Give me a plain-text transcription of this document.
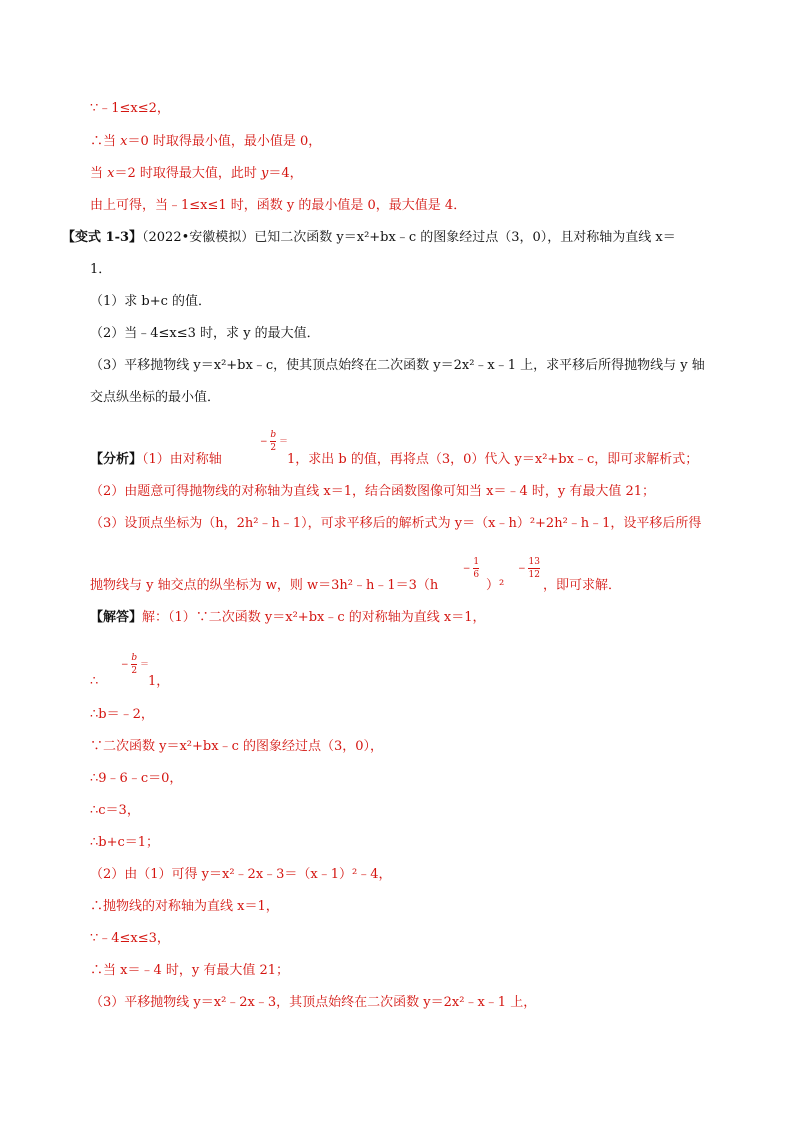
∵﹣1≤x≤2，
∴当 x＝0 时取得最小值，最小值是 0，
当 x＝2 时取得最大值，此时 y＝4，
由上可得，当﹣1≤x≤1 时，函数 y 的最小值是 0，最大值是 4．
【变式 1-3】（2022•安徽模拟）已知二次函数 y＝x²+bx﹣c 的图象经过点（3，0），且对称轴为直线 x＝
1．
（1）求 b+c 的值．
（2）当﹣4≤x≤3 时，求 y 的最大值．
（3）平移抛物线 y＝x²+bx﹣c，使其顶点始终在二次函数 y＝2x²﹣x﹣1 上，求平移后所得抛物线与 y 轴
交点纵坐标的最小值．
【分析】（1）由对称轴
− $\frac{b}{2}$ ＝
1，求出 b 的值，再将点（3，0）代入 y＝x²+bx﹣c，即可求解析式；
（2）由题意可得抛物线的对称轴为直线 x＝1，结合函数图像可知当 x＝﹣4 时，y 有最大值 21；
（3）设顶点坐标为（h，2h²﹣h﹣1），可求平移后的解析式为 y＝（x﹣h）²+2h²﹣h﹣1，设平移后所得
抛物线与 y 轴交点的纵坐标为 w，则 w＝3h²﹣h﹣1＝3（h
− $\frac{1}{6}$
）²
− $\frac{13}{12}$
，即可求解．
【解答】解：（1）∵二次函数 y＝x²+bx﹣c 的对称轴为直线 x＝1，
∴
− $\frac{b}{2}$ ＝
1，
∴b＝﹣2，
∵二次函数 y＝x²+bx﹣c 的图象经过点（3，0），
∴9﹣6﹣c＝0，
∴c＝3，
∴b+c＝1；
（2）由（1）可得 y＝x²﹣2x﹣3＝（x﹣1）²﹣4，
∴抛物线的对称轴为直线 x＝1，
∵﹣4≤x≤3，
∴当 x＝﹣4 时，y 有最大值 21；
（3）平移抛物线 y＝x²﹣2x﹣3，其顶点始终在二次函数 y＝2x²﹣x﹣1 上，
